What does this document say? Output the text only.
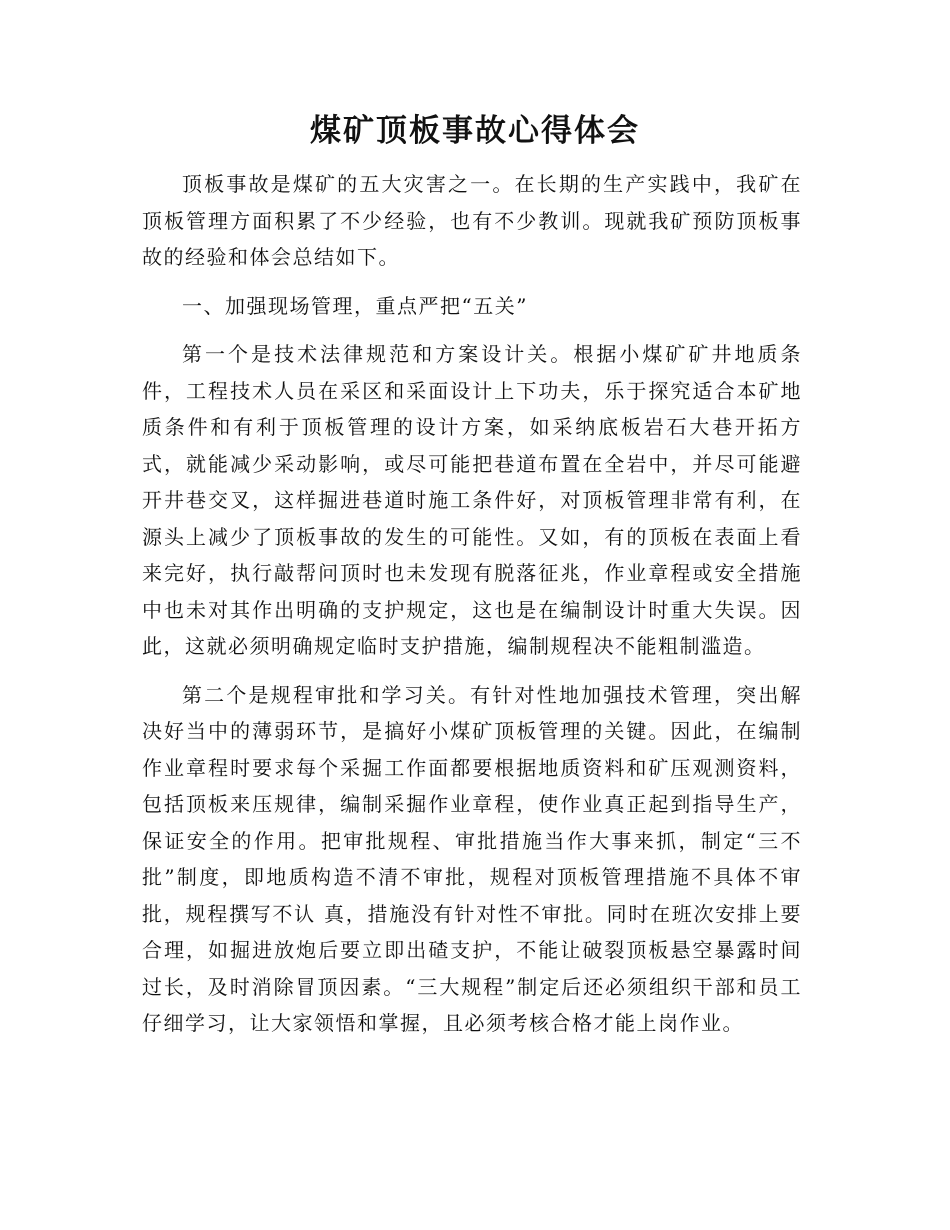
煤矿顶板事故心得体会

顶板事故是煤矿的五大灾害之一。在长期的生产实践中，我矿在顶板管理方面积累了不少经验，也有不少教训。现就我矿预防顶板事故的经验和体会总结如下。

一、加强现场管理，重点严把“五关”

第一个是技术法律规范和方案设计关。根据小煤矿矿井地质条件，工程技术人员在采区和采面设计上下功夫，乐于探究适合本矿地质条件和有利于顶板管理的设计方案，如采纳底板岩石大巷开拓方式，就能减少采动影响，或尽可能把巷道布置在全岩中，并尽可能避开井巷交叉，这样掘进巷道时施工条件好，对顶板管理非常有利，在源头上减少了顶板事故的发生的可能性。又如，有的顶板在表面上看来完好，执行敲帮问顶时也未发现有脱落征兆，作业章程或安全措施中也未对其作出明确的支护规定，这也是在编制设计时重大失误。因此，这就必须明确规定临时支护措施，编制规程决不能粗制滥造。

第二个是规程审批和学习关。有针对性地加强技术管理，突出解决好当中的薄弱环节，是搞好小煤矿顶板管理的关键。因此，在编制作业章程时要求每个采掘工作面都要根据地质资料和矿压观测资料，包括顶板来压规律，编制采掘作业章程，使作业真正起到指导生产，保证安全的作用。把审批规程、审批措施当作大事来抓，制定“三不批”制度，即地质构造不清不审批，规程对顶板管理措施不具体不审批，规程撰写不认 真，措施没有针对性不审批。同时在班次安排上要合理，如掘进放炮后要立即出碴支护，不能让破裂顶板悬空暴露时间过长，及时消除冒顶因素。“三大规程”制定后还必须组织干部和员工仔细学习，让大家领悟和掌握，且必须考核合格才能上岗作业。
